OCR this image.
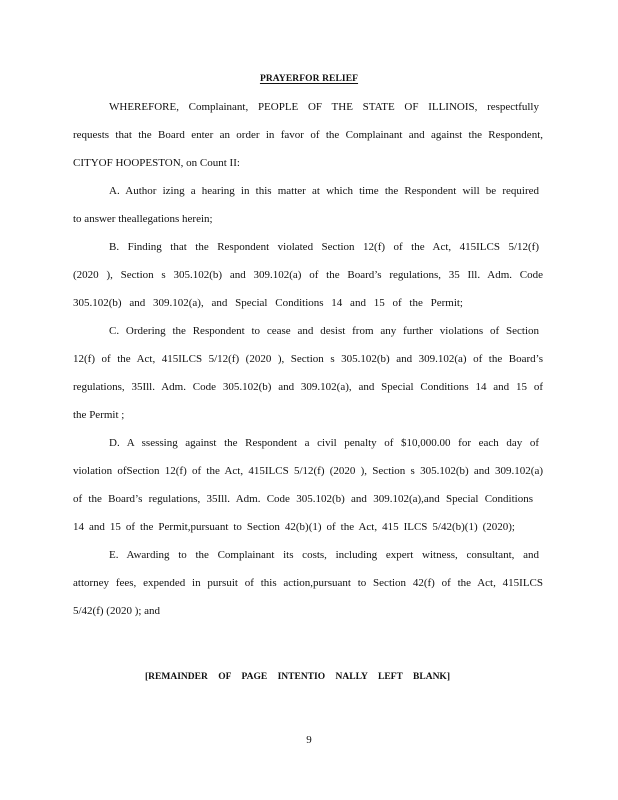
PRAYERFOR RELIEF
WHEREFORE, Complainant, PEOPLE OF THE STATE OF ILLINOIS, respectfully
requests that the Board enter an order in favor of the Complainant and against the Respondent,
CITYOF HOOPESTON, on Count II:
A. Author izing a hearing in this matter at which time the Respondent will be required
to answer theallegations herein;
B. Finding that the Respondent violated Section 12(f) of the Act, 415ILCS 5/12(f)
(2020 ), Section s 305.102(b) and 309.102(a) of the Board’s regulations, 35 Ill. Adm. Code
305.102(b) and 309.102(a), and Special Conditions 14 and 15 of the Permit;
C. Ordering the Respondent to cease and desist from any further violations of Section
12(f) of the Act, 415ILCS 5/12(f) (2020 ), Section s 305.102(b) and 309.102(a) of the Board’s
regulations, 35Ill. Adm. Code 305.102(b) and 309.102(a), and Special Conditions 14 and 15 of
the Permit ;
D. A ssessing against the Respondent a civil penalty of $10,000.00 for each day of
violation ofSection 12(f) of the Act, 415ILCS 5/12(f) (2020 ), Section s 305.102(b) and 309.102(a)
of the Board’s regulations, 35Ill. Adm. Code 305.102(b) and 309.102(a),and Special Conditions
14 and 15 of the Permit,pursuant to Section 42(b)(1) of the Act, 415 ILCS 5/42(b)(1) (2020);
E. Awarding to the Complainant its costs, including expert witness, consultant, and
attorney fees, expended in pursuit of this action,pursuant to Section 42(f) of the Act, 415ILCS
5/42(f) (2020 ); and
[REMAINDER OF PAGE INTENTIO NALLY LEFT BLANK]
9
